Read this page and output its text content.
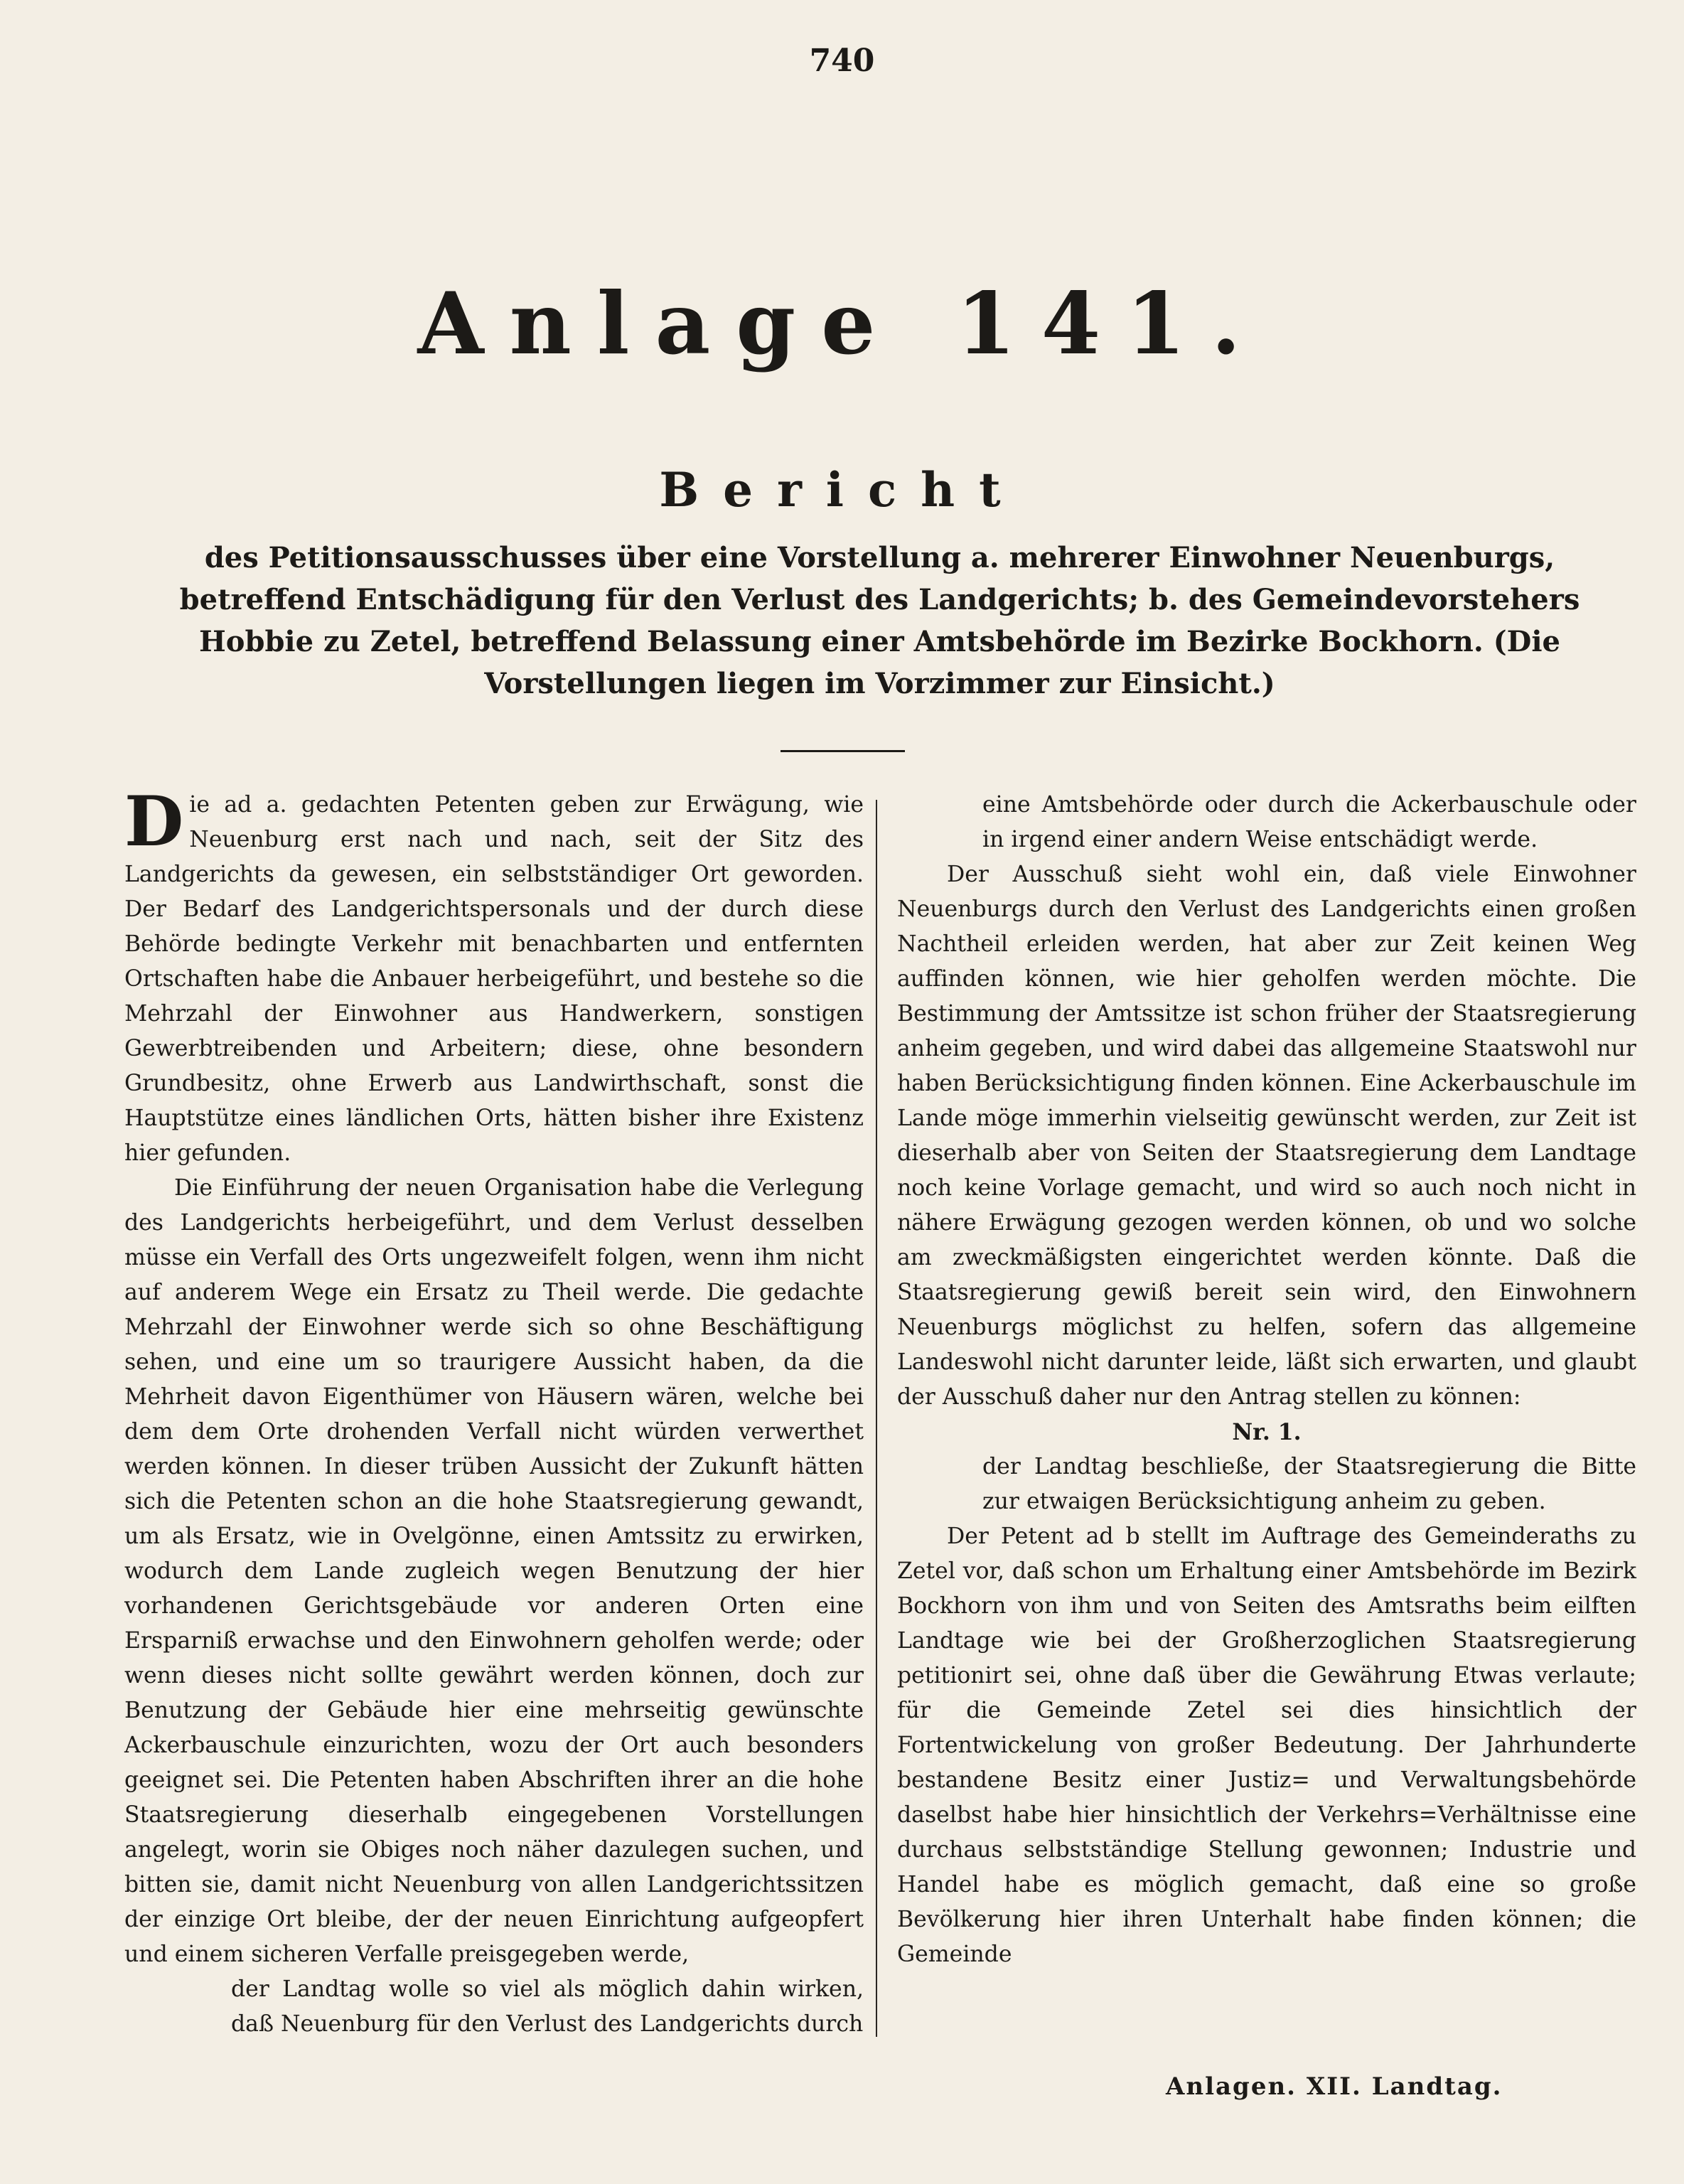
740
Anlage 141.
Bericht
des Petitionsausschusses über eine Vorstellung a. mehrerer Einwohner Neuenburgs, betreffend Entschädigung für den Verlust des Landgerichts; b. des Gemeindevorstehers Hobbie zu Zetel, betreffend Belassung einer Amtsbehörde im Bezirke Bockhorn. (Die Vorstellungen liegen im Vorzimmer zur Einsicht.)

Die ad a. gedachten Petenten geben zur Erwägung, wie Neuenburg erst nach und nach, seit der Sitz des Landgerichts da gewesen, ein selbstständiger Ort geworden. Der Bedarf des Landgerichtspersonals und der durch diese Behörde bedingte Verkehr mit benachbarten und entfernten Ortschaften habe die Anbauer herbeigeführt, und bestehe so die Mehrzahl der Einwohner aus Handwerkern, sonstigen Gewerbtreibenden und Arbeitern; diese, ohne besondern Grundbesitz, ohne Erwerb aus Landwirthschaft, sonst die Hauptstütze eines ländlichen Orts, hätten bisher ihre Existenz hier gefunden.

Die Einführung der neuen Organisation habe die Verlegung des Landgerichts herbeigeführt, und dem Verlust desselben müsse ein Verfall des Orts ungezweifelt folgen, wenn ihm nicht auf anderem Wege ein Ersatz zu Theil werde. Die gedachte Mehrzahl der Einwohner werde sich so ohne Beschäftigung sehen, und eine um so traurigere Aussicht haben, da die Mehrheit davon Eigenthümer von Häusern wären, welche bei dem dem Orte drohenden Verfall nicht würden verwerthet werden können. In dieser trüben Aussicht der Zukunft hätten sich die Petenten schon an die hohe Staatsregierung gewandt, um als Ersatz, wie in Ovelgönne, einen Amtssitz zu erwirken, wodurch dem Lande zugleich wegen Benutzung der hier vorhandenen Gerichtsgebäude vor anderen Orten eine Ersparniß erwachse und den Einwohnern geholfen werde; oder wenn dieses nicht sollte gewährt werden können, doch zur Benutzung der Gebäude hier eine mehrseitig gewünschte Ackerbauschule einzurichten, wozu der Ort auch besonders geeignet sei. Die Petenten haben Abschriften ihrer an die hohe Staatsregierung dieserhalb eingegebenen Vorstellungen angelegt, worin sie Obiges noch näher dazulegen suchen, und bitten sie, damit nicht Neuenburg von allen Landgerichtssitzen der einzige Ort bleibe, der der neuen Einrichtung aufgeopfert und einem sicheren Verfalle preisgegeben werde,

der Landtag wolle so viel als möglich dahin wirken, daß Neuenburg für den Verlust des Landgerichts durch

eine Amtsbehörde oder durch die Ackerbauschule oder in irgend einer andern Weise entschädigt werde.

Der Ausschuß sieht wohl ein, daß viele Einwohner Neuenburgs durch den Verlust des Landgerichts einen großen Nachtheil erleiden werden, hat aber zur Zeit keinen Weg auffinden können, wie hier geholfen werden möchte. Die Bestimmung der Amtssitze ist schon früher der Staatsregierung anheim gegeben, und wird dabei das allgemeine Staatswohl nur haben Berücksichtigung finden können. Eine Ackerbauschule im Lande möge immerhin vielseitig gewünscht werden, zur Zeit ist dieserhalb aber von Seiten der Staatsregierung dem Landtage noch keine Vorlage gemacht, und wird so auch noch nicht in nähere Erwägung gezogen werden können, ob und wo solche am zweckmäßigsten eingerichtet werden könnte. Daß die Staatsregierung gewiß bereit sein wird, den Einwohnern Neuenburgs möglichst zu helfen, sofern das allgemeine Landeswohl nicht darunter leide, läßt sich erwarten, und glaubt der Ausschuß daher nur den Antrag stellen zu können:

Nr. 1.

der Landtag beschließe, der Staatsregierung die Bitte zur etwaigen Berücksichtigung anheim zu geben.

Der Petent ad b stellt im Auftrage des Gemeinderaths zu Zetel vor, daß schon um Erhaltung einer Amtsbehörde im Bezirk Bockhorn von ihm und von Seiten des Amtsraths beim eilften Landtage wie bei der Großherzoglichen Staatsregierung petitionirt sei, ohne daß über die Gewährung Etwas verlaute; für die Gemeinde Zetel sei dies hinsichtlich der Fortentwickelung von großer Bedeutung. Der Jahrhunderte bestandene Besitz einer Justiz= und Verwaltungsbehörde daselbst habe hier hinsichtlich der Verkehrs=Verhältnisse eine durchaus selbstständige Stellung gewonnen; Industrie und Handel habe es möglich gemacht, daß eine so große Bevölkerung hier ihren Unterhalt habe finden können; die Gemeinde

Anlagen. XII. Landtag.
